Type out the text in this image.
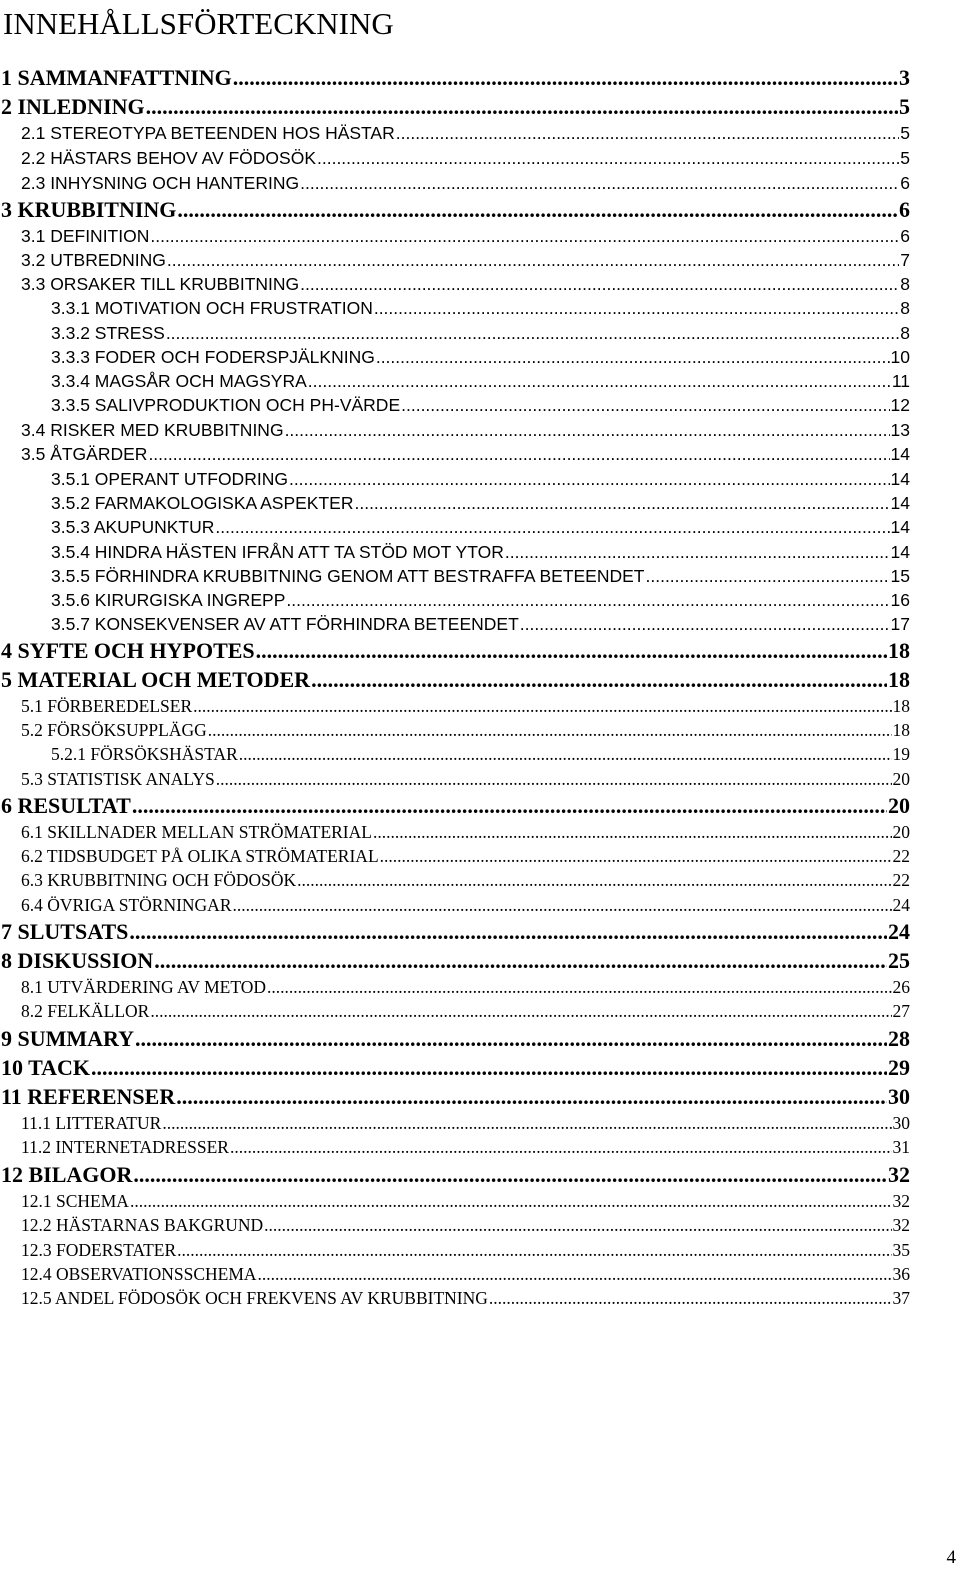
INNEHÅLLSFÖRTECKNING
1 SAMMANFATTNING .....	3
2 INLEDNING .....	5
2.1 STEREOTYPA BETEENDEN HOS HÄSTAR .....	5
2.2 HÄSTARS BEHOV AV FÖDOSÖK .....	5
2.3 INHYSNING OCH HANTERING .....	6
3 KRUBBITNING .....	6
3.1 DEFINITION .....	6
3.2 UTBREDNING .....	7
3.3 ORSAKER TILL KRUBBITNING .....	8
3.3.1 MOTIVATION OCH FRUSTRATION .....	8
3.3.2 STRESS .....	8
3.3.3 FODER OCH FODERSPJÄLKNING .....	10
3.3.4 MAGSÅR OCH MAGSYRA .....	11
3.3.5 SALIVPRODUKTION OCH PH-VÄRDE .....	12
3.4 RISKER MED KRUBBITNING .....	13
3.5 ÅTGÄRDER .....	14
3.5.1 OPERANT UTFODRING .....	14
3.5.2 FARMAKOLOGISKA ASPEKTER .....	14
3.5.3 AKUPUNKTUR .....	14
3.5.4 HINDRA HÄSTEN IFRÅN ATT TA STÖD MOT YTOR .....	14
3.5.5 FÖRHINDRA KRUBBITNING GENOM ATT BESTRAFFA BETEENDET .....	15
3.5.6 KIRURGISKA INGREPP .....	16
3.5.7 KONSEKVENSER AV ATT FÖRHINDRA BETEENDET .....	17
4 SYFTE OCH HYPOTES .....	18
5 MATERIAL OCH METODER .....	18
5.1 FÖRBEREDELSER .....	18
5.2 FÖRSÖKSUPPLÄGG .....	18
5.2.1 FÖRSÖKSHÄSTAR .....	19
5.3 STATISTISK ANALYS .....	20
6 RESULTAT .....	20
6.1 SKILLNADER MELLAN STRÖMATERIAL .....	20
6.2 TIDSBUDGET PÅ OLIKA STRÖMATERIAL .....	22
6.3 KRUBBITNING OCH FÖDOSÖK .....	22
6.4 ÖVRIGA STÖRNINGAR .....	24
7 SLUTSATS .....	24
8 DISKUSSION .....	25
8.1 UTVÄRDERING AV METOD .....	26
8.2 FELKÄLLOR .....	27
9 SUMMARY .....	28
10 TACK .....	29
11 REFERENSER .....	30
11.1 LITTERATUR .....	30
11.2 INTERNETADRESSER .....	31
12 BILAGOR .....	32
12.1 SCHEMA .....	32
12.2 HÄSTARNAS BAKGRUND .....	32
12.3 FODERSTATER .....	35
12.4 OBSERVATIONSSCHEMA .....	36
12.5 ANDEL FÖDOSÖK OCH FREKVENS AV KRUBBITNING .....	37
4
